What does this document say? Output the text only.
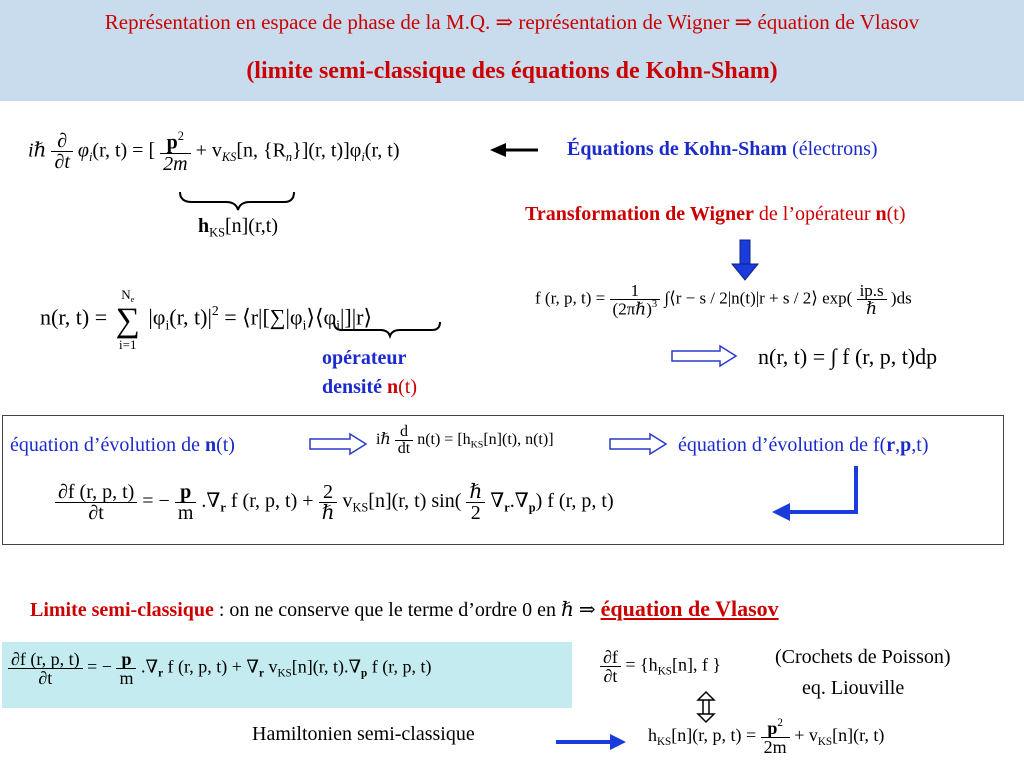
Représentation en espace de phase de la M.Q. ⇒ représentation de Wigner ⇒ équation de Vlasov
(limite semi-classique des équations de Kohn-Sham)
iℏ $\frac{\partial}{\partial t} \varphi_i(r$, t) = [ $\frac{p^2}{2m} + v_{KS}[n$, $\{R_n\}](r$, $t)]\varphi_i(r$, t)
$h_{KS}[n](r,t)$
Équations de Kohn-Sham (électrons)
Transformation de Wigner de l’opérateur n(t)
f (r, p, $t) = \frac{1}{(2\pi\hbar)^3}$ ∫⟨r − s / 2|n(t)|r + s / 2⟩ $\exp( \frac{ip.s}{\text{ℏ}} )ds$
n(r, t) =
$N_e$
∑
i=1
$|\varphi_i(r$, $t)|^2$ = $⟨r|[\sum|\varphi_i⟩⟨\varphi_i|]|r⟩$
opérateur
densité n(t)
n(r, t) = ∫ f (r, p, t)dp
équation d’évolution de n(t)	iℏ $\frac{d}{dt} n(t) = [h_{KS}[n](t)$, n(t)]	équation d’évolution de f(r,p,t)
$\frac{\partial f (r, p, t)}{\partial t}$ = − $\frac{p}{m} .\nabla_r$ f (r, p, $t) + \frac{2}{\text{ℏ}} v_{KS}[n](r$, t) $\sin( \frac{\text{ℏ}}{2} \nabla_r.\nabla_p)$ f (r, p, t)
Limite semi-classique : on ne conserve que le terme d’ordre 0 en ℏ ⇒ équation de Vlasov
$\frac{\partial f (r, p, t)}{\partial t}$ = − $\frac{p}{m} .\nabla_r$ f (r, p, $t) + \nabla_r$ $v_{KS}[n](r$, $t).\nabla_p$ f (r, p, t)	$\frac{\partial f}{\partial t} = \{h_{KS}[n]$, f }	(Crochets de Poisson)
eq. Liouville
Hamiltonien semi-classique	$h_{KS}[n](r$, p, $t) = \frac{p^2}{2m} + v_{KS}[n](r$, t)
